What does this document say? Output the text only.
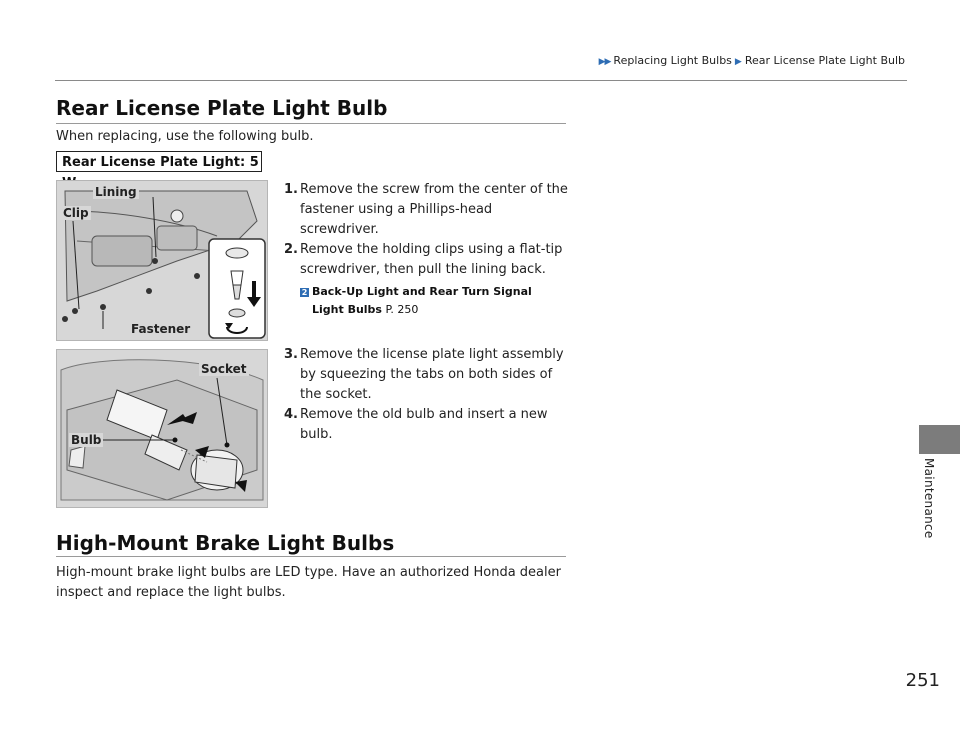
▶▶ Replacing Light Bulbs ▶ Rear License Plate Light Bulb
Maintenance
Rear License Plate Light Bulb
When replacing, use the following bulb.
Rear License Plate Light: 5
Lining
Clip
Fastener
1. Remove the screw from the center of the fastener using a Phillips-head screwdriver.
2. Remove the holding clips using a flat-tip screwdriver, then pull the lining back.
2 Back-Up Light and Rear Turn Signal
Light Bulbs P. 250
Socket
Bulb
3. Remove the license plate light assembly by squeezing the tabs on both sides of the socket.
4. Remove the old bulb and insert a new bulb.
High-Mount Brake Light Bulbs
High-mount brake light bulbs are LED type. Have an authorized Honda dealer inspect and replace the light bulbs.
251
